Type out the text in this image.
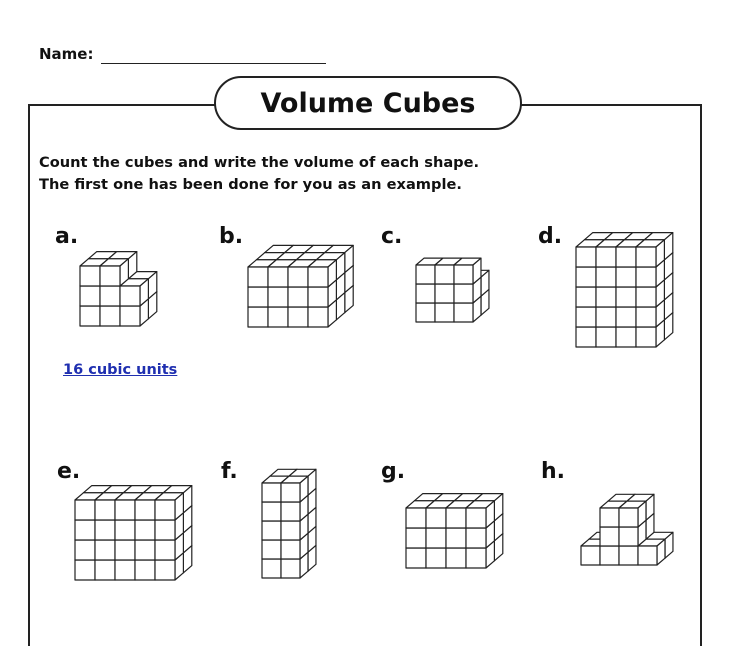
Name:
Volume Cubes
Count the cubes and write the volume of each shape.
The first one has been done for you as an example.
a.	b.	c.	d.
e.	f.	g.	h.
16 cubic units
